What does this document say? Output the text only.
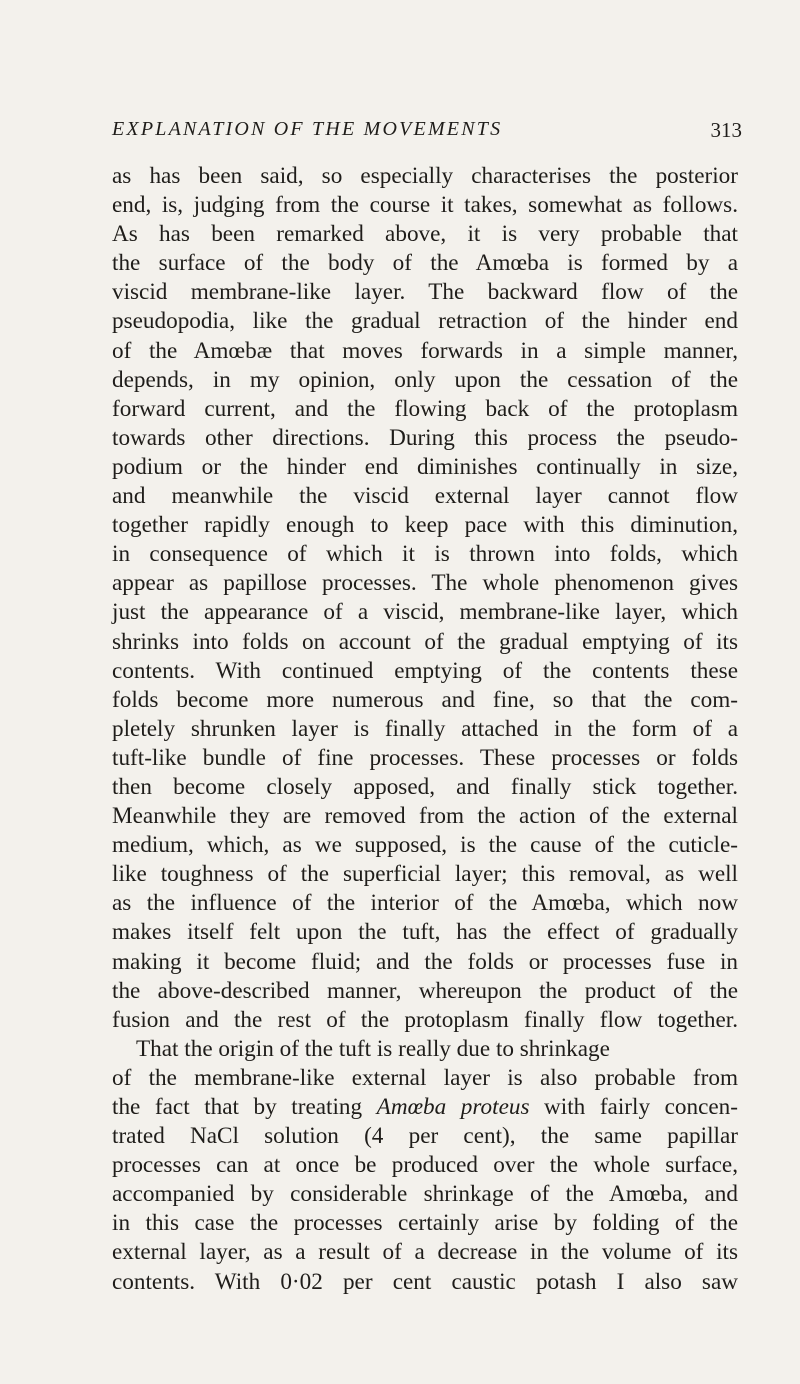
EXPLANATION OF THE MOVEMENTS	313
as has been said, so especially characterises the posterior
end, is, judging from the course it takes, somewhat as follows.
As has been remarked above, it is very probable that
the surface of the body of the Amœba is formed by a
viscid membrane-like layer. The backward flow of the
pseudopodia, like the gradual retraction of the hinder end
of the Amœbæ that moves forwards in a simple manner,
depends, in my opinion, only upon the cessation of the
forward current, and the flowing back of the protoplasm
towards other directions. During this process the pseudo-
podium or the hinder end diminishes continually in size,
and meanwhile the viscid external layer cannot flow
together rapidly enough to keep pace with this diminution,
in consequence of which it is thrown into folds, which
appear as papillose processes. The whole phenomenon gives
just the appearance of a viscid, membrane-like layer, which
shrinks into folds on account of the gradual emptying of its
contents. With continued emptying of the contents these
folds become more numerous and fine, so that the com-
pletely shrunken layer is finally attached in the form of a
tuft-like bundle of fine processes. These processes or folds
then become closely apposed, and finally stick together.
Meanwhile they are removed from the action of the external
medium, which, as we supposed, is the cause of the cuticle-
like toughness of the superficial layer; this removal, as well
as the influence of the interior of the Amœba, which now
makes itself felt upon the tuft, has the effect of gradually
making it become fluid; and the folds or processes fuse in
the above-described manner, whereupon the product of the
fusion and the rest of the protoplasm finally flow together.
That the origin of the tuft is really due to shrinkage
of the membrane-like external layer is also probable from
the fact that by treating Amœba proteus with fairly concen-
trated NaCl solution (4 per cent), the same papillar
processes can at once be produced over the whole surface,
accompanied by considerable shrinkage of the Amœba, and
in this case the processes certainly arise by folding of the
external layer, as a result of a decrease in the volume of its
contents. With 0·02 per cent caustic potash I also saw
